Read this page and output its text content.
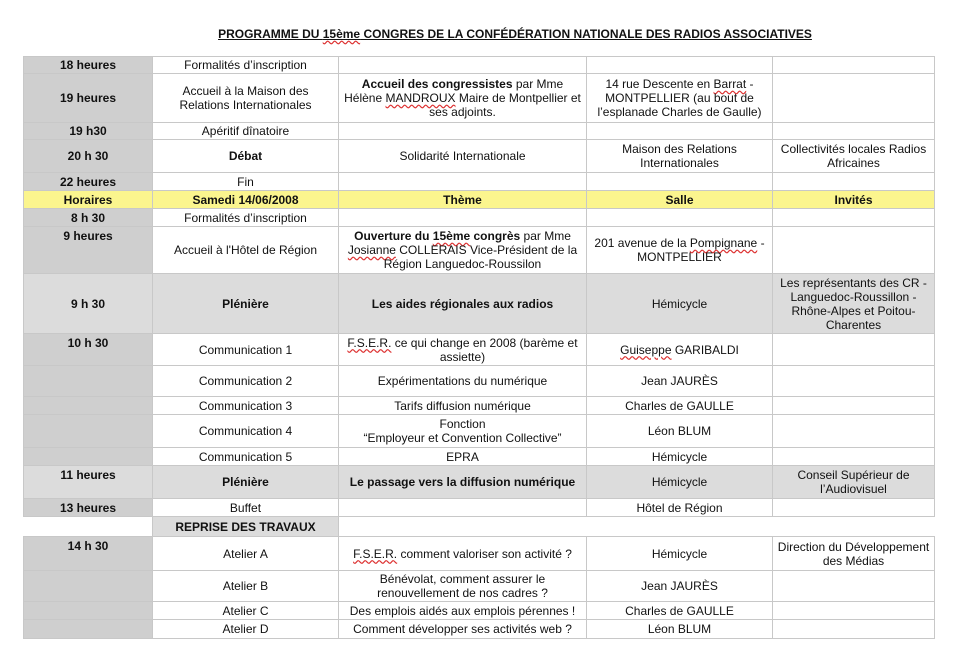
PROGRAMME DU 15ème CONGRES DE LA CONFÉDÉRATION NATIONALE DES RADIOS ASSOCIATIVES
18 heures	Formalités d’inscription			
19 heures	Accueil à la Maison des Relations Internationales	Accueil des congressistes par Mme Hélène MANDROUX Maire de Montpellier et ses adjoints.	14 rue Descente en Barrat - MONTPELLIER (au bout de l’esplanade Charles de Gaulle)	
19 h30	Apéritif dînatoire			
20 h 30	Débat	Solidarité Internationale	Maison des Relations Internationales	Collectivités locales Radios Africaines
22 heures	Fin			
Horaires	Samedi 14/06/2008	Thème	Salle	Invités
8 h 30	Formalités d’inscription			
9 heures	Accueil à l'Hôtel de Région	Ouverture du 15ème congrès par Mme Josianne COLLERAIS Vice-Président de la Région Languedoc-Roussilon	201 avenue de la Pompignane - MONTPELLIER	
9 h 30	Plénière	Les aides régionales aux radios	Hémicycle	Les représentants des CR - Languedoc-Roussillon - Rhône-Alpes et Poitou-Charentes
10 h 30	Communication 1	F.S.E.R. ce qui change en 2008 (barème et assiette)	Guiseppe GARIBALDI	
	Communication 2	Expérimentations du numérique	Jean JAURÈS	
	Communication 3	Tarifs diffusion numérique	Charles de GAULLE	
	Communication 4	Fonction
“Employeur et Convention Collective”	Léon BLUM	
	Communication 5	EPRA	Hémicycle	
11 heures	Plénière	Le passage vers la diffusion numérique	Hémicycle	Conseil Supérieur de l’Audiovisuel
13 heures	Buffet		Hôtel de Région	
	REPRISE DES TRAVAUX			
14 h 30	Atelier A	F.S.E.R. comment valoriser son activité ?	Hémicycle	Direction du Développement des Médias
	Atelier B	Bénévolat, comment assurer le renouvellement de nos cadres ?	Jean JAURÈS	
	Atelier C	Des emplois aidés aux emplois pérennes !	Charles de GAULLE	
	Atelier D	Comment développer ses activités web ?	Léon BLUM	
